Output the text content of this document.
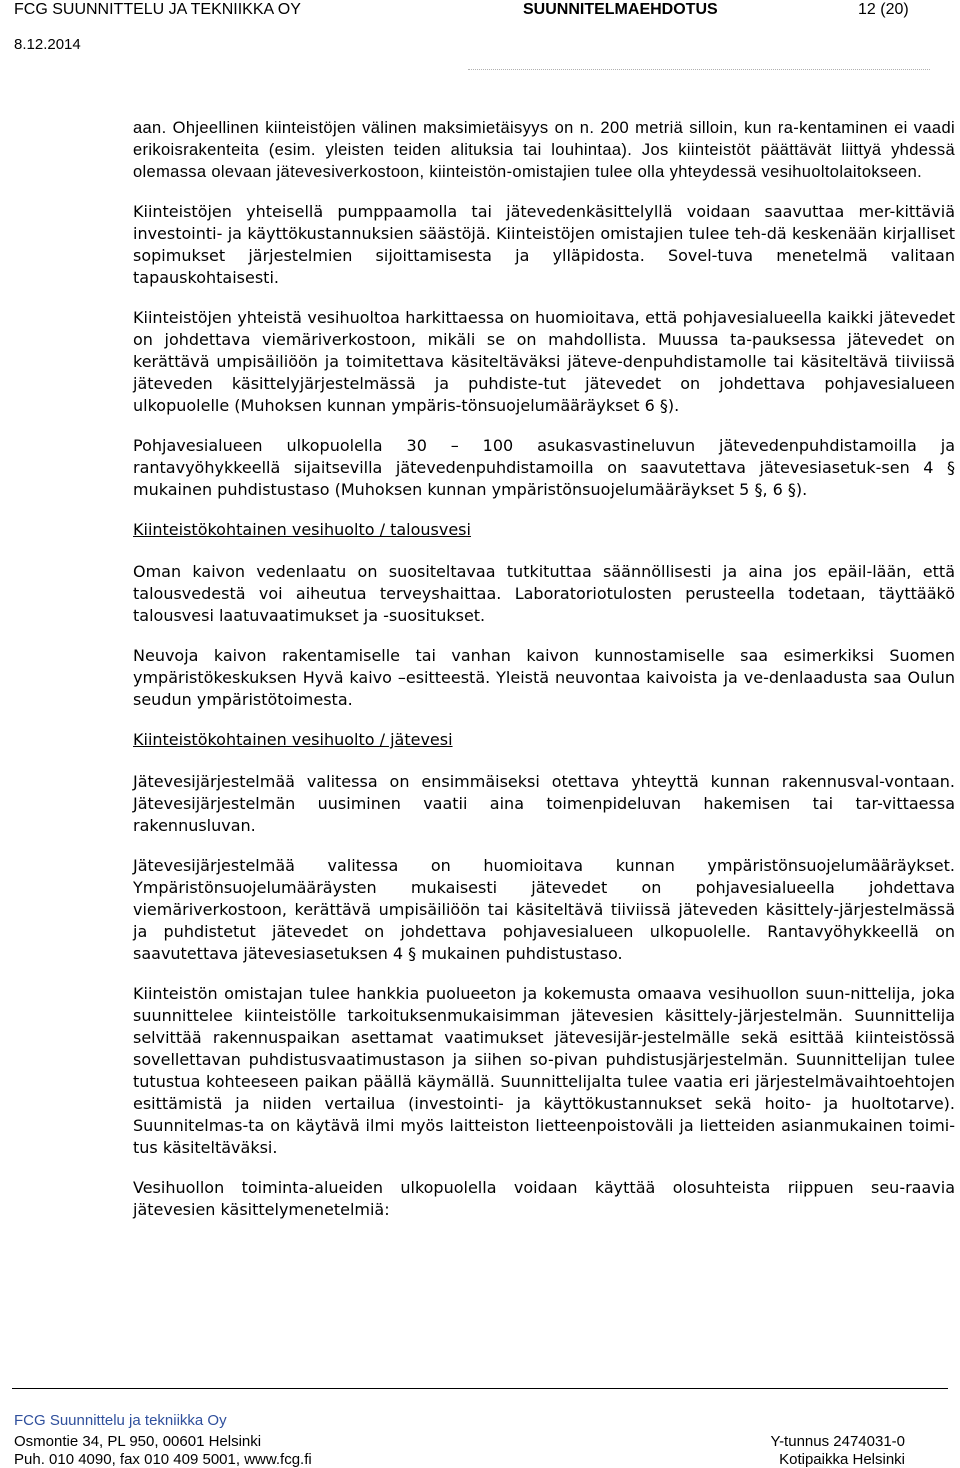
FCG SUUNNITTELU JA TEKNIIKKA OY	SUUNNITELMAEHDOTUS	12 (20)
8.12.2014

aan. Ohjeellinen kiinteistöjen välinen maksimietäisyys on n. 200 metriä silloin, kun ra-kentaminen ei vaadi erikoisrakenteita (esim. yleisten teiden alituksia tai louhintaa). Jos kiinteistöt päättävät liittyä yhdessä olemassa olevaan jätevesiverkostoon, kiinteistön-omistajien tulee olla yhteydessä vesihuoltolaitokseen.

Kiinteistöjen yhteisellä pumppaamolla tai jätevedenkäsittelyllä voidaan saavuttaa mer-kittäviä investointi- ja käyttökustannuksien säästöjä. Kiinteistöjen omistajien tulee teh-dä keskenään kirjalliset sopimukset järjestelmien sijoittamisesta ja ylläpidosta. Sovel-tuva menetelmä valitaan tapauskohtaisesti.

Kiinteistöjen yhteistä vesihuoltoa harkittaessa on huomioitava, että pohjavesialueella kaikki jätevedet on johdettava viemäriverkostoon, mikäli se on mahdollista. Muussa ta-pauksessa jätevedet on kerättävä umpisäiliöön ja toimitettava käsiteltäväksi jäteve-denpuhdistamolle tai käsiteltävä tiiviissä jäteveden käsittelyjärjestelmässä ja puhdiste-tut jätevedet on johdettava pohjavesialueen ulkopuolelle (Muhoksen kunnan ympäris-tönsuojelumääräykset 6 §).

Pohjavesialueen ulkopuolella 30 – 100 asukasvastineluvun jätevedenpuhdistamoilla ja rantavyöhykkeellä sijaitsevilla jätevedenpuhdistamoilla on saavutettava jätevesiasetuk-sen 4 § mukainen puhdistustaso (Muhoksen kunnan ympäristönsuojelumääräykset 5 §, 6 §).

Kiinteistökohtainen vesihuolto / talousvesi

Oman kaivon vedenlaatu on suositeltavaa tutkituttaa säännöllisesti ja aina jos epäil-lään, että talousvedestä voi aiheutua terveyshaittaa. Laboratoriotulosten perusteella todetaan, täyttääkö talousvesi laatuvaatimukset ja -suositukset.

Neuvoja kaivon rakentamiselle tai vanhan kaivon kunnostamiselle saa esimerkiksi Suomen ympäristökeskuksen Hyvä kaivo –esitteestä. Yleistä neuvontaa kaivoista ja ve-denlaadusta saa Oulun seudun ympäristötoimesta.

Kiinteistökohtainen vesihuolto / jätevesi

Jätevesijärjestelmää valitessa on ensimmäiseksi otettava yhteyttä kunnan rakennusval-vontaan. Jätevesijärjestelmän uusiminen vaatii aina toimenpideluvan hakemisen tai tar-vittaessa rakennusluvan.

Jätevesijärjestelmää valitessa on huomioitava kunnan ympäristönsuojelumääräykset. Ympäristönsuojelumääräysten mukaisesti jätevedet on pohjavesialueella johdettava viemäriverkostoon, kerättävä umpisäiliöön tai käsiteltävä tiiviissä jäteveden käsittely-järjestelmässä ja puhdistetut jätevedet on johdettava pohjavesialueen ulkopuolelle. Rantavyöhykkeellä on saavutettava jätevesiasetuksen 4 § mukainen puhdistustaso.

Kiinteistön omistajan tulee hankkia puolueeton ja kokemusta omaava vesihuollon suun-nittelija, joka suunnittelee kiinteistölle tarkoituksenmukaisimman jätevesien käsittely-järjestelmän. Suunnittelija selvittää rakennuspaikan asettamat vaatimukset jätevesijär-jestelmälle sekä esittää kiinteistössä sovellettavan puhdistusvaatimustason ja siihen so-pivan puhdistusjärjestelmän. Suunnittelijan tulee tutustua kohteeseen paikan päällä käymällä. Suunnittelijalta tulee vaatia eri järjestelmävaihtoehtojen esittämistä ja niiden vertailua (investointi- ja käyttökustannukset sekä hoito- ja huoltotarve). Suunnitelmas-ta on käytävä ilmi myös laitteiston lietteenpoistoväli ja lietteiden asianmukainen toimi-tus käsiteltäväksi.

Vesihuollon toiminta-alueiden ulkopuolella voidaan käyttää olosuhteista riippuen seu-raavia jätevesien käsittelymenetelmiä:

FCG Suunnittelu ja tekniikka Oy
Osmontie 34, PL 950, 00601 Helsinki
Puh. 010 4090, fax 010 409 5001, www.fcg.fi
Y-tunnus 2474031-0
Kotipaikka Helsinki
